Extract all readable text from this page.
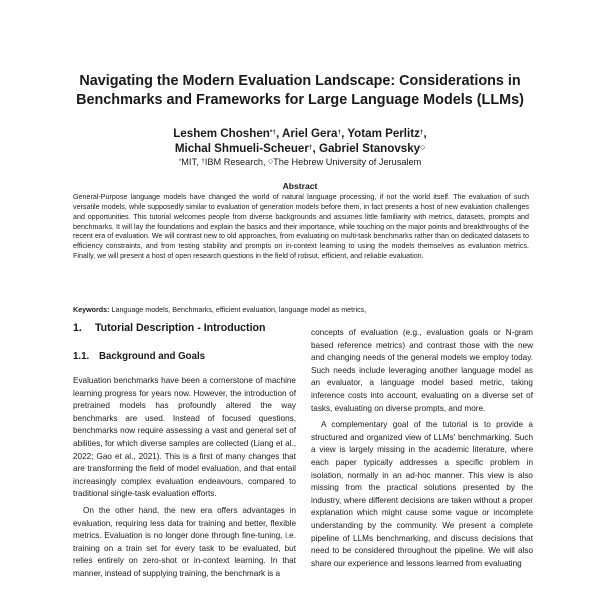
Navigating the Modern Evaluation Landscape: Considerations in Benchmarks and Frameworks for Large Language Models (LLMs)
Leshem Choshen*†, Ariel Gera†, Yotam Perlitz†,
Michal Shmueli-Scheuer†, Gabriel Stanovsky◇
*MIT, †IBM Research, ◇The Hebrew University of Jerusalem
Abstract
General-Purpose language models have changed the world of natural language processing, if not the world itself. The evaluation of such versatile models, while supposedly similar to evaluation of generation models before them, in fact presents a host of new evaluation challenges and opportunities. This tutorial welcomes people from diverse backgrounds and assumes little familiarity with metrics, datasets, prompts and benchmarks. It will lay the foundations and explain the basics and their importance, while touching on the major points and breakthroughs of the recent era of evaluation. We will contrast new to old approaches, from evaluating on multi-task benchmarks rather than on dedicated datasets to efficiency constraints, and from testing stability and prompts on in-context learning to using the models themselves as evaluation metrics. Finally, we will present a host of open research questions in the field of robsut, efficient, and reliable evaluation.
Keywords: Language models, Benchmarks, efficient evaluation, language model as metrics,
1. Tutorial Description - Introduction
1.1. Background and Goals

Evaluation benchmarks have been a cornerstone of machine learning progress for years now. However, the introduction of pretrained models has profoundly altered the way benchmarks are used. Instead of focused questions, benchmarks now require assessing a vast and general set of abilities, for which diverse samples are collected (Liang et al., 2022; Gao et al., 2021). This is a first of many changes that are transforming the field of model evaluation, and that entail increasingly complex evaluation endeavours, compared to traditional single-task evaluation efforts.

On the other hand, the new era offers advantages in evaluation, requiring less data for training and better, flexible metrics. Evaluation is no longer done through fine-tuning, i.e. training on a train set for every task to be evaluated, but relies entirely on zero-shot or in-context learning. In that manner, instead of supplying training, the benchmark is a

concepts of evaluation (e.g., evaluation goals or N-gram based reference metrics) and contrast those with the new and changing needs of the general models we employ today. Such needs include leveraging another language model as an evaluator, a language model based metric, taking inference costs into account, evaluating on a diverse set of tasks, evaluating on diverse prompts, and more.

A complementary goal of the tutorial is to provide a structured and organized view of LLMs' benchmarking. Such a view is largely missing in the academic literature, where each paper typically addresses a specific problem in isolation, normally in an ad-hoc manner. This view is also missing from the practical solutions presented by the industry, where different decisions are taken without a proper explanation which might cause some vague or incomplete understanding by the community. We present a complete pipeline of LLMs benchmarking, and discuss decisions that need to be considered throughout the pipeline. We will also share our experience and lessons learned from evaluating
